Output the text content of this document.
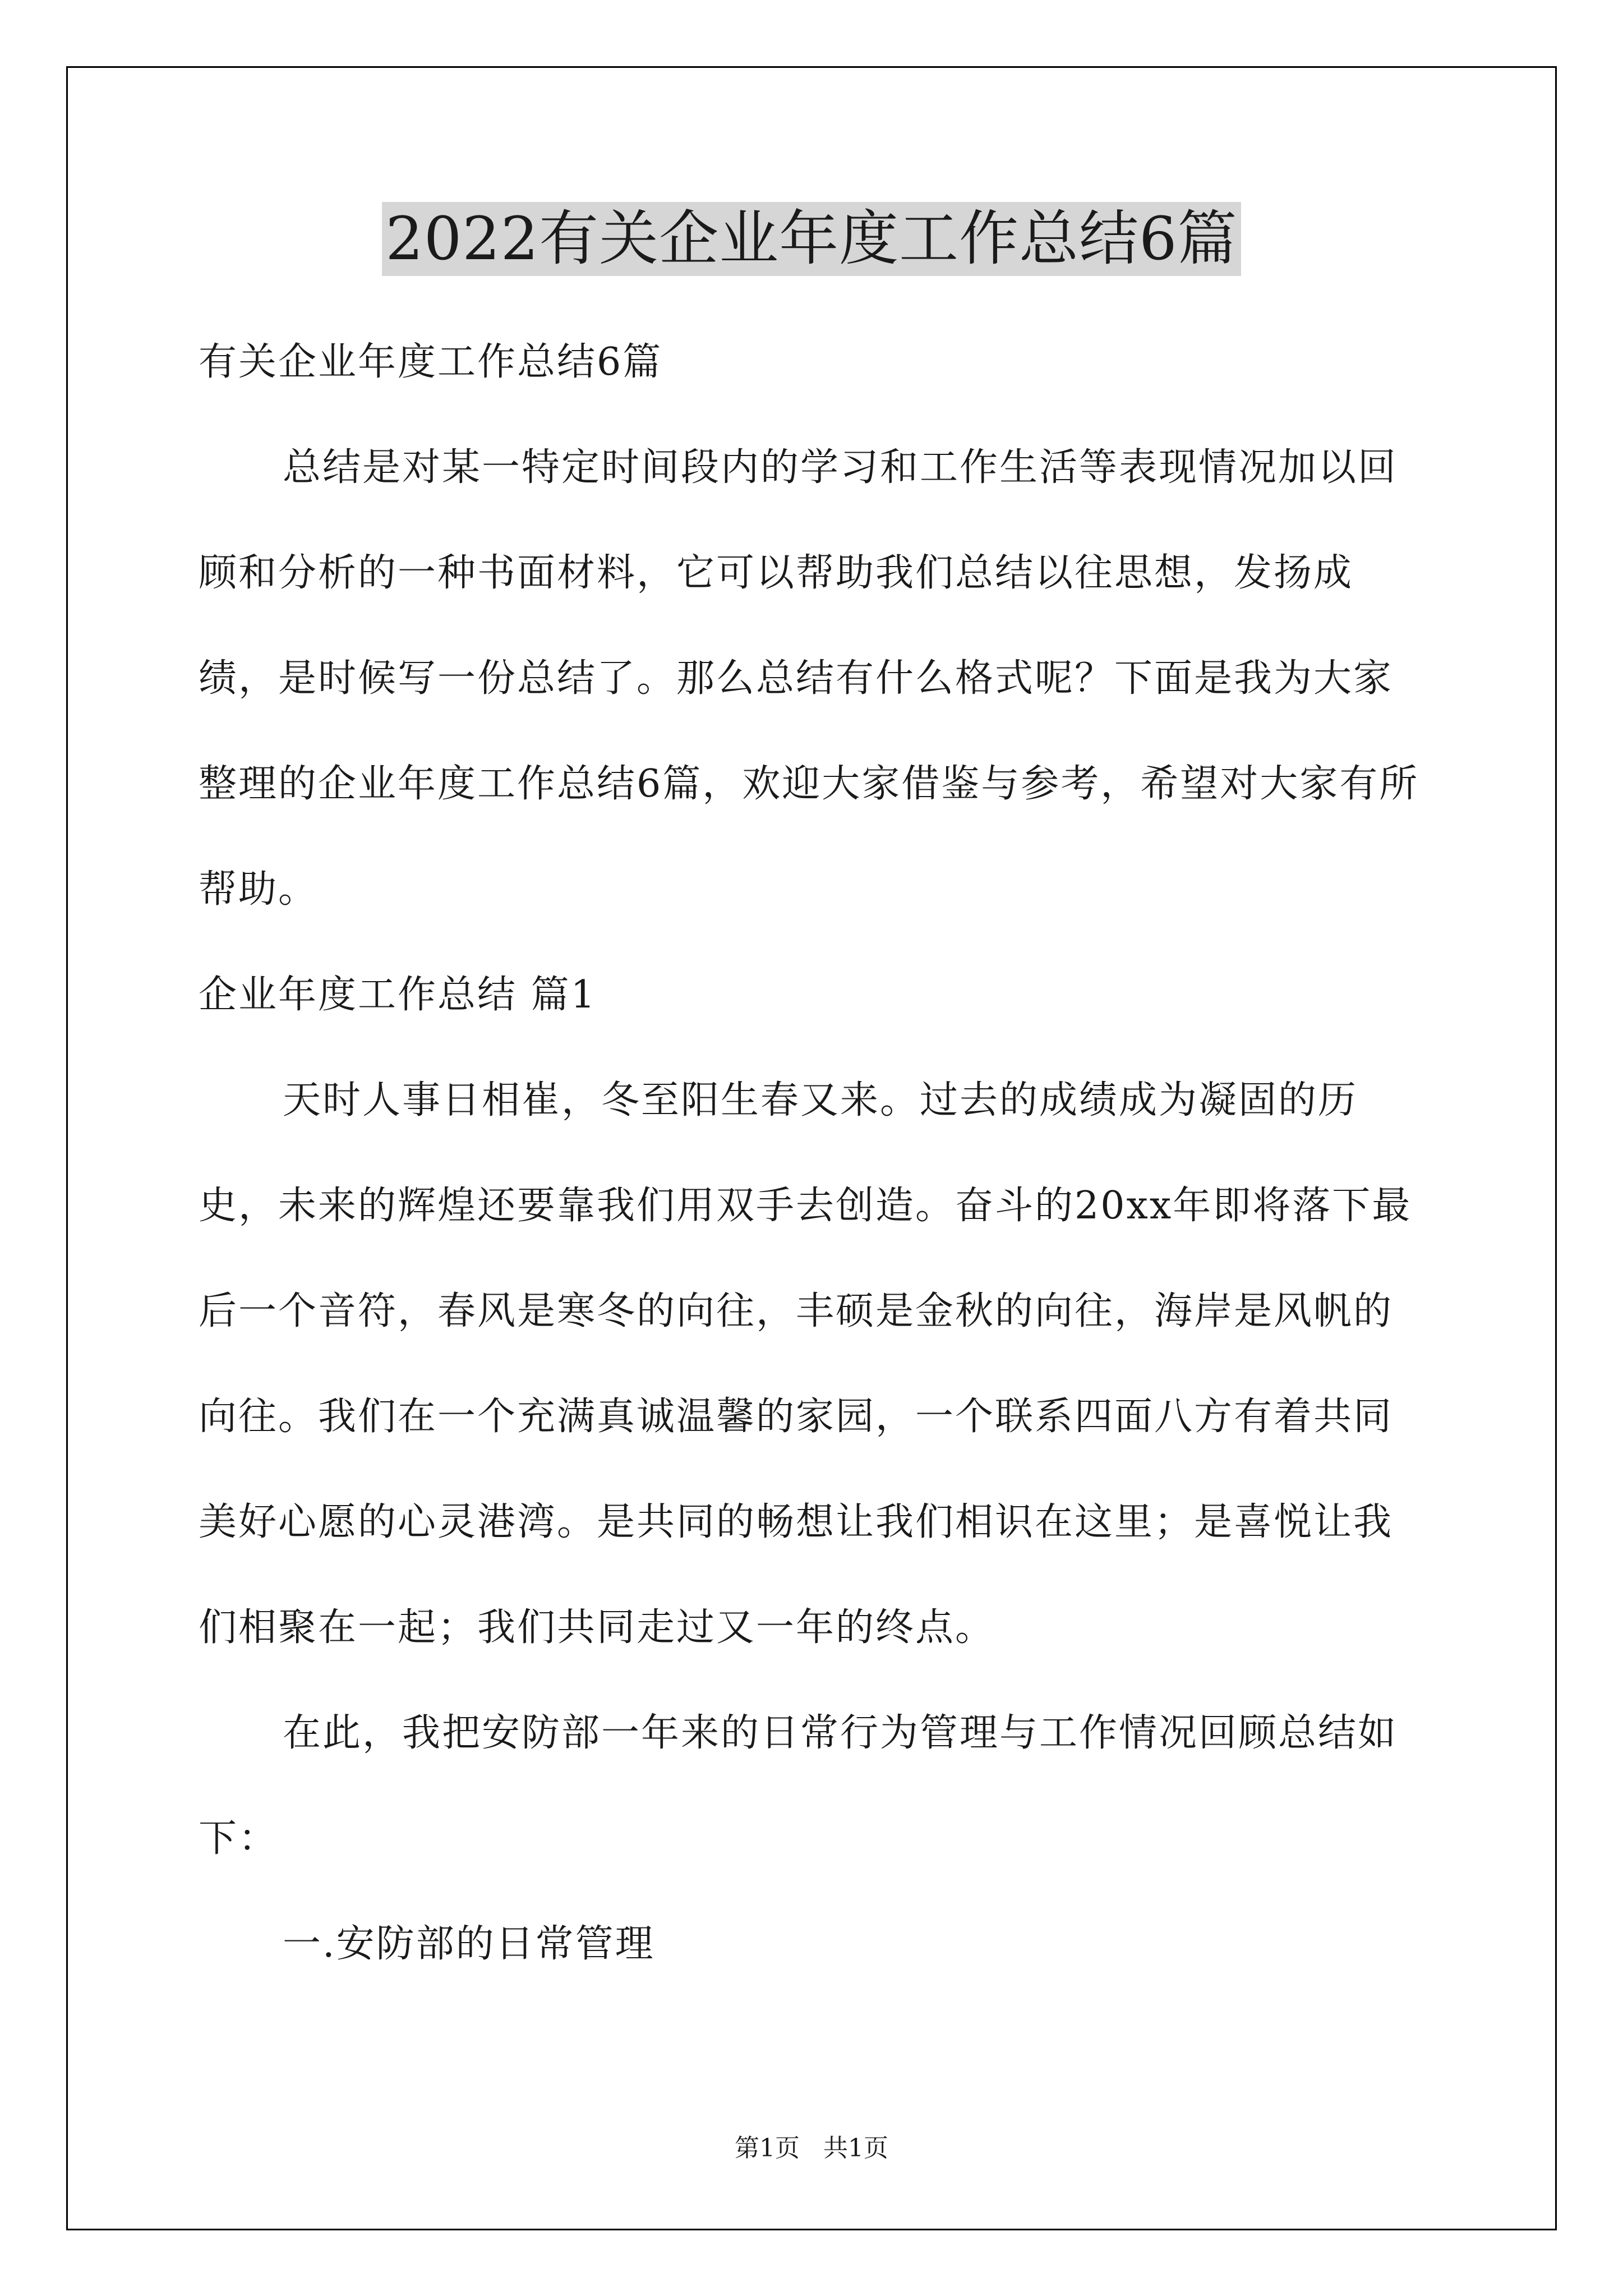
2022有关企业年度工作总结6篇

有关企业年度工作总结6篇

总结是对某一特定时间段内的学习和工作生活等表现情况加以回顾和分析的一种书面材料，它可以帮助我们总结以往思想，发扬成绩，是时候写一份总结了。那么总结有什么格式呢？下面是我为大家整理的企业年度工作总结6篇，欢迎大家借鉴与参考，希望对大家有所帮助。

企业年度工作总结 篇1

天时人事日相崔，冬至阳生春又来。过去的成绩成为凝固的历史，未来的辉煌还要靠我们用双手去创造。奋斗的20xx年即将落下最后一个音符，春风是寒冬的向往，丰硕是金秋的向往，海岸是风帆的向往。我们在一个充满真诚温馨的家园，一个联系四面八方有着共同美好心愿的心灵港湾。是共同的畅想让我们相识在这里；是喜悦让我们相聚在一起；我们共同走过又一年的终点。

在此，我把安防部一年来的日常行为管理与工作情况回顾总结如下：

一.安防部的日常管理

第1页   共1页
